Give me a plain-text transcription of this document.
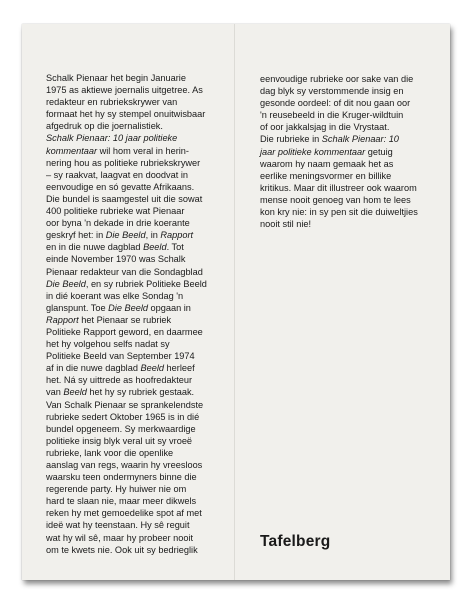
Schalk Pienaar het begin Januarie
1975 as aktiewe joernalis uitgetree. As
redakteur en rubriekskrywer van
formaat het hy sy stempel onuitwisbaar
afgedruk op die joernalistiek.
Schalk Pienaar: 10 jaar politieke
kommentaar wil hom veral in herin-
nering hou as politieke rubriekskrywer
– sy raakvat, laagvat en doodvat in
eenvoudige en só gevatte Afrikaans.
Die bundel is saamgestel uit die sowat
400 politieke rubrieke wat Pienaar
oor byna 'n dekade in drie koerante
geskryf het: in Die Beeld, in Rapport
en in die nuwe dagblad Beeld. Tot
einde November 1970 was Schalk
Pienaar redakteur van die Sondagblad
Die Beeld, en sy rubriek Politieke Beeld
in dié koerant was elke Sondag 'n
glanspunt. Toe Die Beeld opgaan in
Rapport het Pienaar se rubriek
Politieke Rapport geword, en daarmee
het hy volgehou selfs nadat sy
Politieke Beeld van September 1974
af in die nuwe dagblad Beeld herleef
het. Ná sy uittrede as hoofredakteur
van Beeld het hy sy rubriek gestaak.
Van Schalk Pienaar se sprankelendste
rubrieke sedert Oktober 1965 is in dié
bundel opgeneem. Sy merkwaardige
politieke insig blyk veral uit sy vroeë
rubrieke, lank voor die openlike
aanslag van regs, waarin hy vreesloos
waarsku teen ondermyners binne die
regerende party. Hy huiwer nie om
hard te slaan nie, maar meer dikwels
reken hy met gemoedelike spot af met
ideë wat hy teenstaan. Hy sê reguit
wat hy wil sê, maar hy probeer nooit
om te kwets nie. Ook uit sy bedrieglik
eenvoudige rubrieke oor sake van die
dag blyk sy verstommende insig en
gesonde oordeel: of dit nou gaan oor
'n reusebeeld in die Kruger-wildtuin
of oor jakkalsjag in die Vrystaat.
Die rubrieke in Schalk Pienaar: 10
jaar politieke kommentaar getuig
waarom hy naam gemaak het as
eerlike meningsvormer en billike
kritikus. Maar dit illustreer ook waarom
mense nooit genoeg van hom te lees
kon kry nie: in sy pen sit die duiweltjies
nooit stil nie!

Tafelberg
